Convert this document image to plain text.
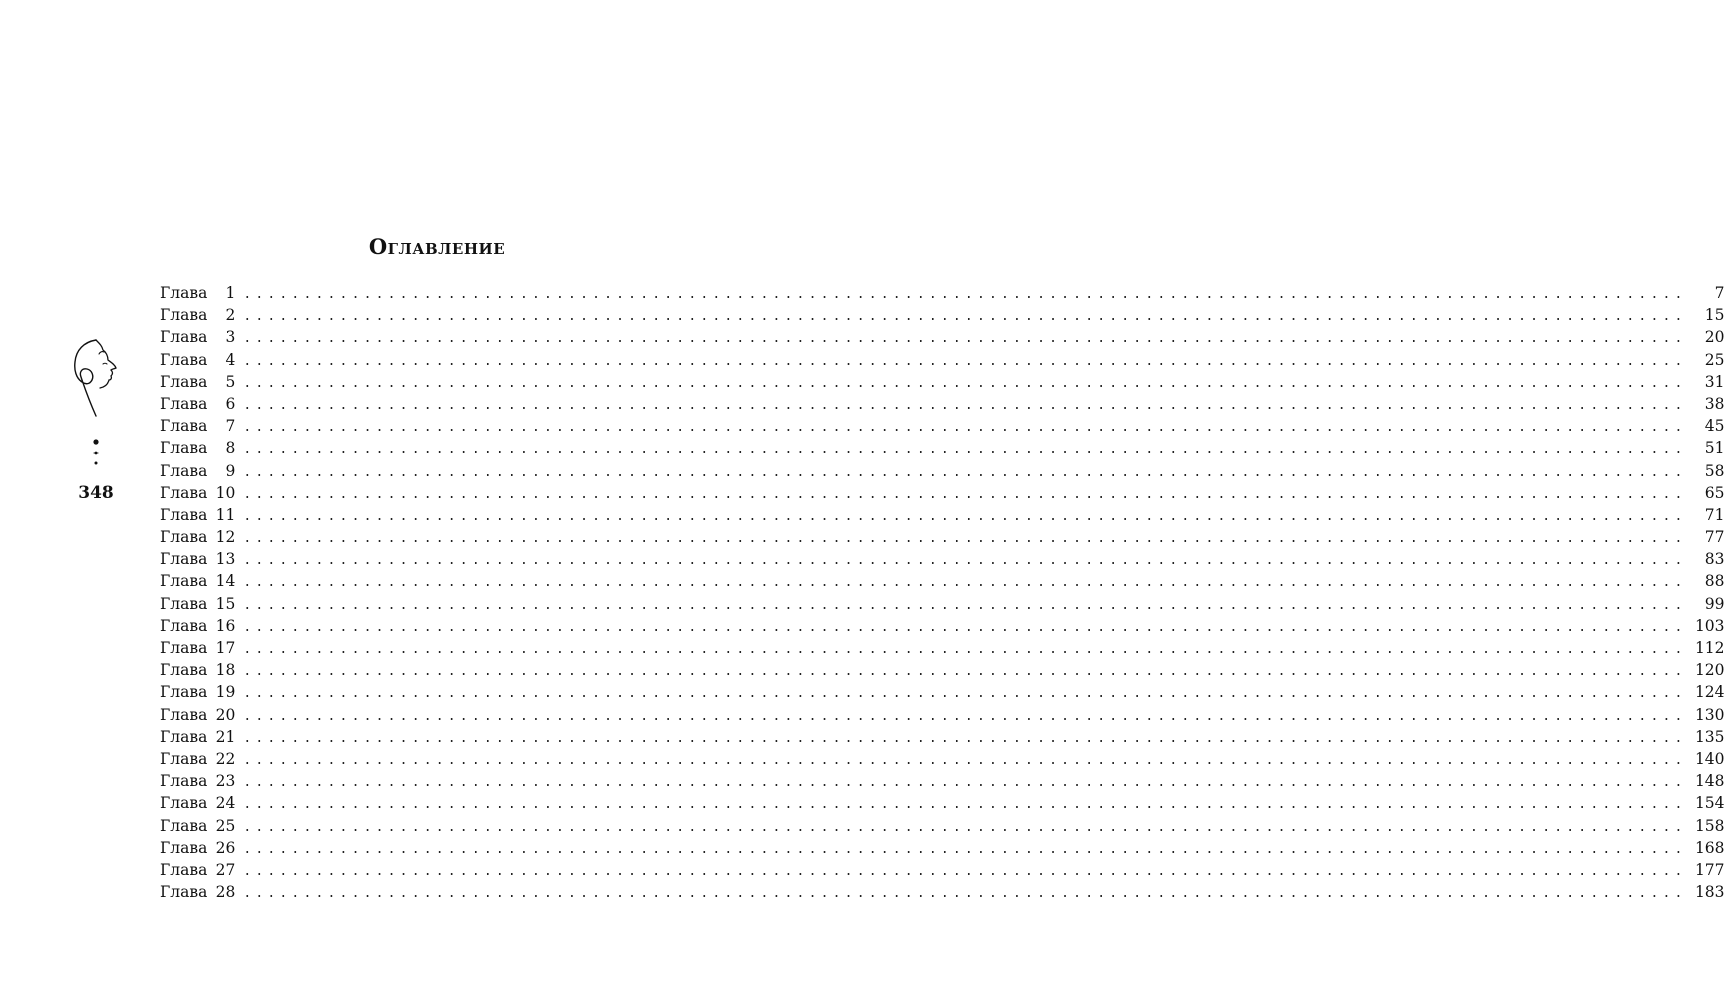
Оглавление
Глава 1 ........................................................................................................................	7
Глава 2 ........................................................................................................................	15
Глава 3 ........................................................................................................................	20
Глава 4 ........................................................................................................................	25
Глава 5 ........................................................................................................................	31
Глава 6 ........................................................................................................................	38
Глава 7 ........................................................................................................................	45
Глава 8 ........................................................................................................................	51
Глава 9 ........................................................................................................................	58
Глава 10 ........................................................................................................................	65
Глава 11 ........................................................................................................................	71
Глава 12 ........................................................................................................................	77
Глава 13 ........................................................................................................................	83
Глава 14 ........................................................................................................................	88
Глава 15 ........................................................................................................................	99
Глава 16 ........................................................................................................................ 103
Глава 17 ........................................................................................................................ 112
Глава 18 ........................................................................................................................ 120
Глава 19 ........................................................................................................................ 124
Глава 20 ........................................................................................................................ 130
Глава 21 ........................................................................................................................ 135
Глава 22 ........................................................................................................................ 140
Глава 23 ........................................................................................................................ 148
Глава 24 ........................................................................................................................ 154
Глава 25 ........................................................................................................................ 158
Глава 26 ........................................................................................................................ 168
Глава 27 ........................................................................................................................ 177
Глава 28 ........................................................................................................................ 183
348
